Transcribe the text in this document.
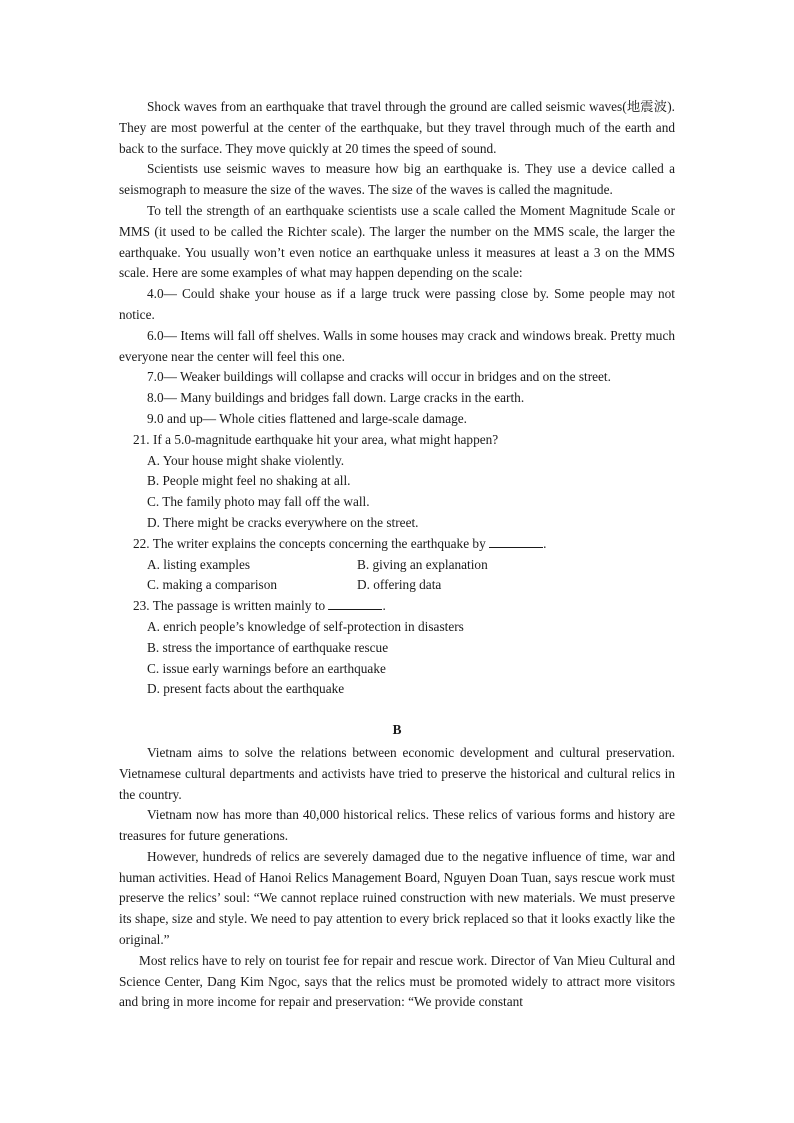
Shock waves from an earthquake that travel through the ground are called seismic waves(地震波). They are most powerful at the center of the earthquake, but they travel through much of the earth and back to the surface. They move quickly at 20 times the speed of sound.

Scientists use seismic waves to measure how big an earthquake is. They use a device called a seismograph to measure the size of the waves. The size of the waves is called the magnitude.

To tell the strength of an earthquake scientists use a scale called the Moment Magnitude Scale or MMS (it used to be called the Richter scale). The larger the number on the MMS scale, the larger the earthquake. You usually won’t even notice an earthquake unless it measures at least a 3 on the MMS scale. Here are some examples of what may happen depending on the scale:

4.0— Could shake your house as if a large truck were passing close by. Some people may not notice.

6.0— Items will fall off shelves. Walls in some houses may crack and windows break. Pretty much everyone near the center will feel this one.

7.0— Weaker buildings will collapse and cracks will occur in bridges and on the street.

8.0— Many buildings and bridges fall down. Large cracks in the earth.

9.0 and up— Whole cities flattened and large-scale damage.

21. If a 5.0-magnitude earthquake hit your area, what might happen?

A. Your house might shake violently.

B. People might feel no shaking at all.

C. The family photo may fall off the wall.

D. There might be cracks everywhere on the street.

22. The writer explains the concepts concerning the earthquake by	.

A. listing examples	B. giving an explanation
C. making a comparison	D. offering data

23. The passage is written mainly to	.

A. enrich people’s knowledge of self-protection in disasters

B. stress the importance of earthquake rescue

C. issue early warnings before an earthquake

D. present facts about the earthquake

B

Vietnam aims to solve the relations between economic development and cultural preservation. Vietnamese cultural departments and activists have tried to preserve the historical and cultural relics in the country.

Vietnam now has more than 40,000 historical relics. These relics of various forms and history are treasures for future generations.

However, hundreds of relics are severely damaged due to the negative influence of time, war and human activities. Head of Hanoi Relics Management Board, Nguyen Doan Tuan, says rescue work must preserve the relics’ soul: “We cannot replace ruined construction with new materials. We must preserve its shape, size and style. We need to pay attention to every brick replaced so that it looks exactly like the original.”

Most relics have to rely on tourist fee for repair and rescue work. Director of Van Mieu Cultural and Science Center, Dang Kim Ngoc, says that the relics must be promoted widely to attract more visitors and bring in more income for repair and preservation: “We provide constant
